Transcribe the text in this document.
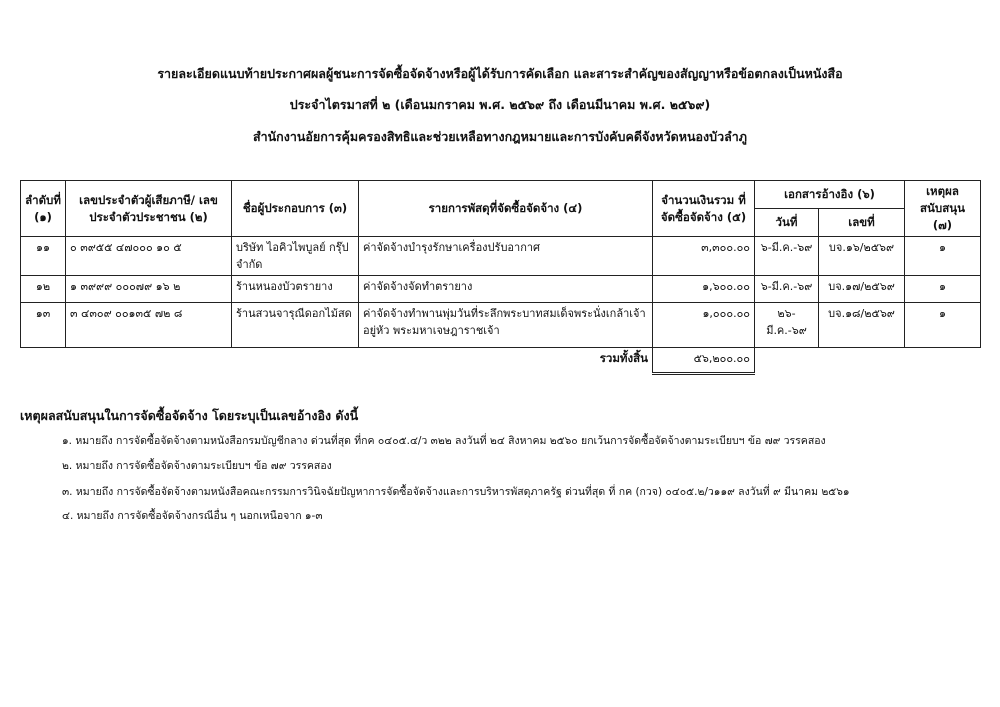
รายละเอียดแนบท้ายประกาศผลผู้ชนะการจัดซื้อจัดจ้างหรือผู้ได้รับการคัดเลือก และสาระสำคัญของสัญญาหรือข้อตกลงเป็นหนังสือ
ประจำไตรมาสที่ ๒ (เดือนมกราคม พ.ศ. ๒๕๖๙ ถึง เดือนมีนาคม พ.ศ. ๒๕๖๙)
สำนักงานอัยการคุ้มครองสิทธิและช่วยเหลือทางกฎหมายและการบังคับคดีจังหวัดหนองบัวลำภู
ลำดับที่ (๑)	เลขประจำตัวผู้เสียภาษี/ เลขประจำตัวประชาชน (๒)	ชื่อผู้ประกอบการ (๓)	รายการพัสดุที่จัดซื้อจัดจ้าง (๔)	จำนวนเงินรวม ที่จัดซื้อจัดจ้าง (๕)	เอกสารอ้างอิง (๖)		เหตุผล สนับสนุน (๗)
					วันที่	เลขที่	
๑๑	๐ ๓๙๕๕ ๔๗๐๐๐ ๑๐ ๕	บริษัท ไอคิวไพบูลย์ กรุ๊ป จำกัด	ค่าจัดจ้างบำรุงรักษาเครื่องปรับอากาศ	๓,๓๐๐.๐๐	๖-มี.ค.-๖๙	บจ.๑๖/๒๕๖๙	๑
๑๒	๑ ๓๙๙๙ ๐๐๐๗๙ ๑๖ ๒	ร้านหนองบัวตรายาง	ค่าจัดจ้างจัดทำตรายาง	๑,๖๐๐.๐๐	๖-มี.ค.-๖๙	บจ.๑๗/๒๕๖๙	๑
๑๓	๓ ๔๓๐๙ ๐๐๑๓๕ ๗๒ ๘	ร้านสวนจารุณีดอกไม้สด	ค่าจัดจ้างทำพานพุ่มวันที่ระลึกพระบาทสมเด็จพระนั่งเกล้าเจ้าอยู่หัว พระมหาเจษฎาราชเจ้า	๑,๐๐๐.๐๐	๒๖-มี.ค.-๖๙	บจ.๑๘/๒๕๖๙	๑
รวมทั้งสิ้น				๕๖,๒๐๐.๐๐			
เหตุผลสนับสนุนในการจัดซื้อจัดจ้าง โดยระบุเป็นเลขอ้างอิง ดังนี้
๑. หมายถึง การจัดซื้อจัดจ้างตามหนังสือกรมบัญชีกลาง ด่วนที่สุด ที่กค ๐๔๐๕.๔/ว ๓๒๒ ลงวันที่ ๒๔ สิงหาคม ๒๕๖๐ ยกเว้นการจัดซื้อจัดจ้างตามระเบียบฯ ข้อ ๗๙ วรรคสอง
๒. หมายถึง การจัดซื้อจัดจ้างตามระเบียบฯ ข้อ ๗๙ วรรคสอง
๓. หมายถึง การจัดซื้อจัดจ้างตามหนังสือคณะกรรมการวินิจฉัยปัญหาการจัดซื้อจัดจ้างและการบริหารพัสดุภาครัฐ ด่วนที่สุด ที่ กค (กวจ) ๐๔๐๕.๒/ว๑๑๙ ลงวันที่ ๙ มีนาคม ๒๕๖๑
๔. หมายถึง การจัดซื้อจัดจ้างกรณีอื่น ๆ นอกเหนือจาก ๑-๓
